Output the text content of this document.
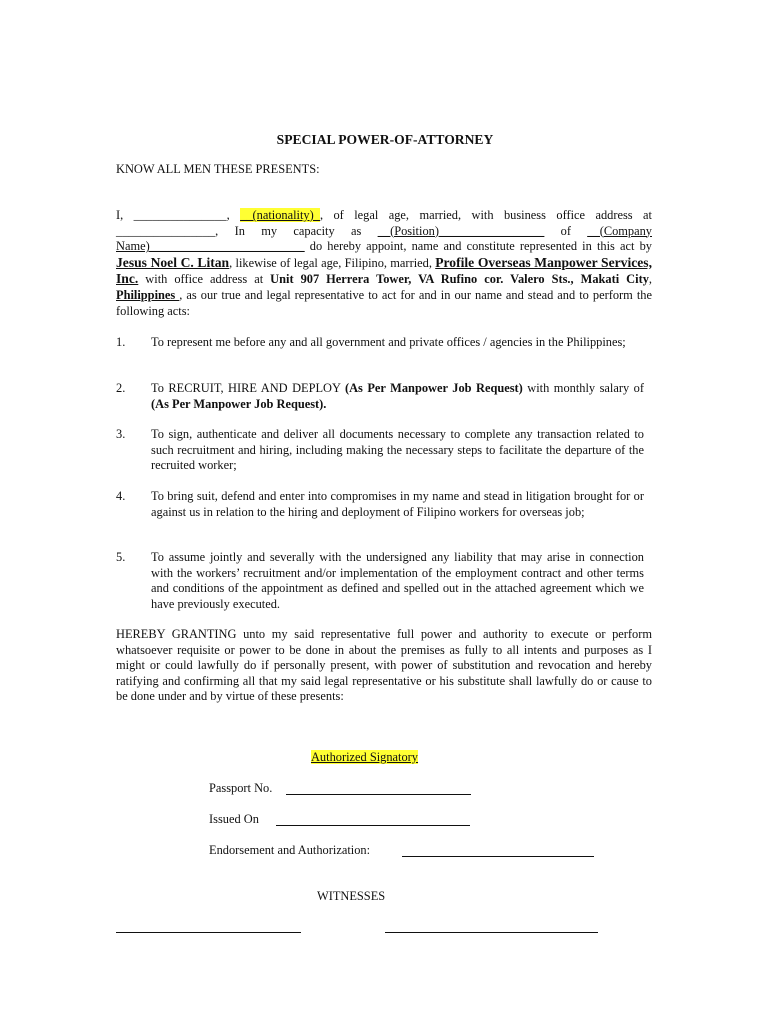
SPECIAL POWER-OF-ATTORNEY
KNOW ALL MEN THESE PRESENTS:

I, _______________, __(nationality)_, of legal age, married, with business office address at ________________, In my capacity as __(Position)_________________ of __(Company Name)_________________________ do hereby appoint, name and constitute represented in this act by Jesus Noel C. Litan, likewise of legal age, Filipino, married, Profile Overseas Manpower Services, Inc. with office address at Unit 907 Herrera Tower, VA Rufino cor. Valero Sts., Makati City, Philippines , as our true and legal representative to act for and in our name and stead and to perform the following acts:

1. To represent me before any and all government and private offices / agencies in the Philippines;
2. To RECRUIT, HIRE AND DEPLOY (As Per Manpower Job Request) with monthly salary of (As Per Manpower Job Request).
3. To sign, authenticate and deliver all documents necessary to complete any transaction related to such recruitment and hiring, including making the necessary steps to facilitate the departure of the recruited worker;
4. To bring suit, defend and enter into compromises in my name and stead in litigation brought for or against us in relation to the hiring and deployment of Filipino workers for overseas job;
5. To assume jointly and severally with the undersigned any liability that may arise in connection with the workers’ recruitment and/or implementation of the employment contract and other terms and conditions of the appointment as defined and spelled out in the attached agreement which we have previously executed.
HEREBY GRANTING unto my said representative full power and authority to execute or perform whatsoever requisite or power to be done in about the premises as fully to all intents and purposes as I might or could lawfully do if personally present, with power of substitution and revocation and hereby ratifying and confirming all that my said legal representative or his substitute shall lawfully do or cause to be done under and by virtue of these presents:
Authorized Signatory
Passport No.
Issued On
Endorsement and Authorization:
WITNESSES
